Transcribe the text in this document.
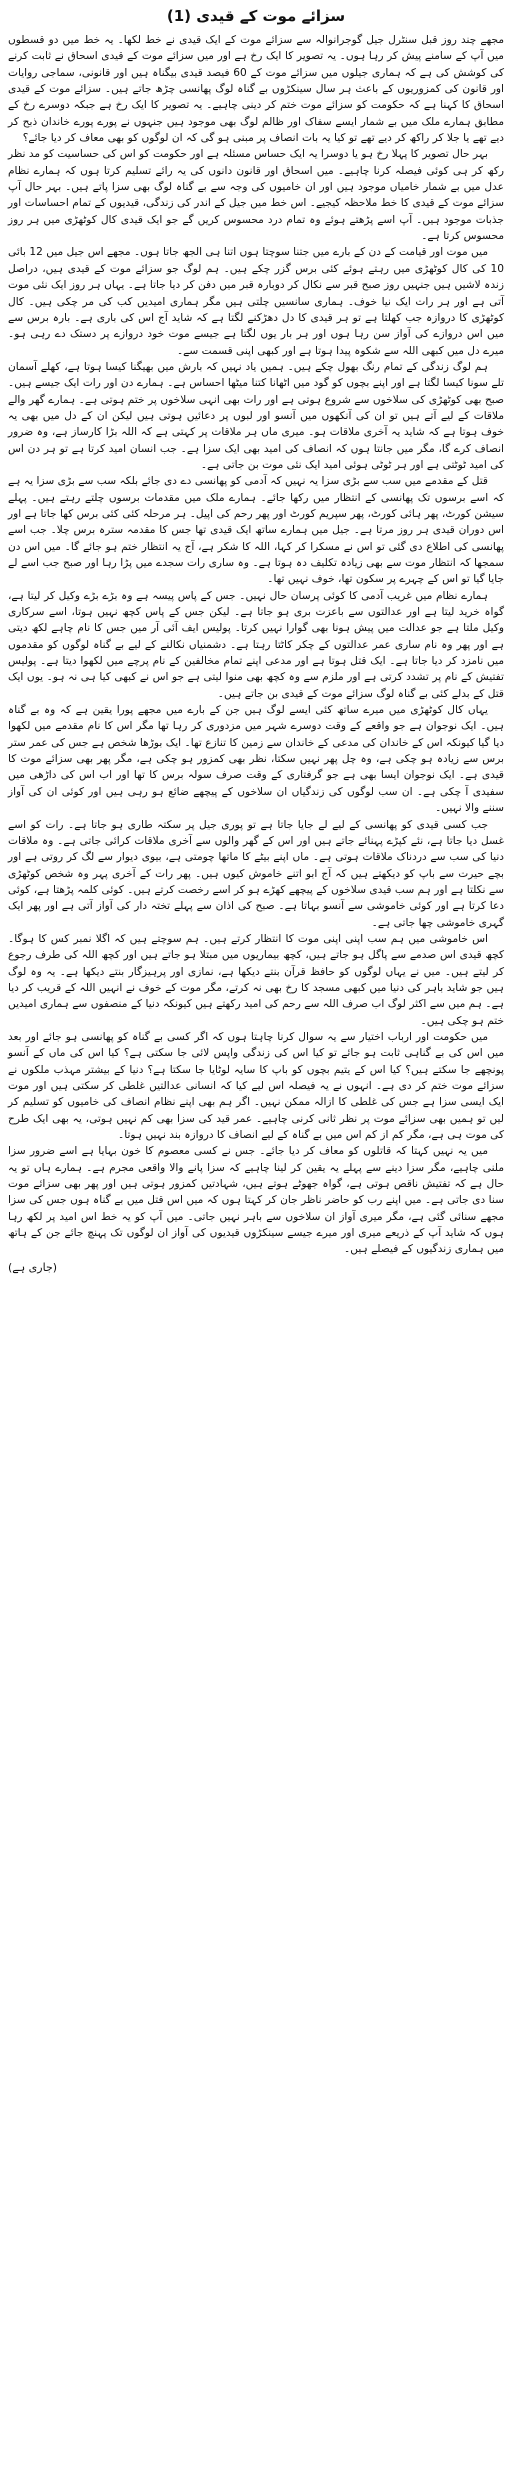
سزائے موت کے قیدی (1)

مجھے چند روز قبل سنٹرل جیل گوجرانوالہ سے سزائے موت کے ایک قیدی نے خط لکھا۔ یہ خط میں دو قسطوں میں آپ کے سامنے پیش کر رہا ہوں۔ یہ تصویر کا ایک رخ ہے اور میں سزائے موت کے قیدی اسحاق نے ثابت کرنے کی کوشش کی ہے کہ ہماری جیلوں میں سزائے موت کے 60 فیصد قیدی بیگناہ ہیں اور قانونی، سماجی روایات اور قانون کی کمزوریوں کے باعث ہر سال سینکڑوں بے گناہ لوگ پھانسی چڑھ جاتے ہیں۔ سزائے موت کے قیدی اسحاق کا کہنا ہے کہ حکومت کو سزائے موت ختم کر دینی چاہیے۔ یہ تصویر کا ایک رخ ہے جبکہ دوسرے رخ کے مطابق ہمارے ملک میں بے شمار ایسے سفاک اور ظالم لوگ بھی موجود ہیں جنہوں نے پورے پورے خاندان ذبح کر دیے تھے یا جلا کر راکھ کر دیے تھے تو کیا یہ بات انصاف پر مبنی ہو گی کہ ان لوگوں کو بھی معاف کر دیا جائے؟

بہر حال تصویر کا پہلا رخ ہو یا دوسرا یہ ایک حساس مسئلہ ہے اور حکومت کو اس کی حساسیت کو مد نظر رکھ کر ہی کوئی فیصلہ کرنا چاہیے۔ میں اسحاق اور قانون دانوں کی یہ رائے تسلیم کرتا ہوں کہ ہمارے نظام عدل میں بے شمار خامیاں موجود ہیں اور ان خامیوں کی وجہ سے بے گناہ لوگ بھی سزا پاتے ہیں۔ بہر حال آپ سزائے موت کے قیدی کا خط ملاحظہ کیجیے۔ اس خط میں جیل کے اندر کی زندگی، قیدیوں کے تمام احساسات اور جذبات موجود ہیں۔ آپ اسے پڑھتے ہوئے وہ تمام درد محسوس کریں گے جو ایک قیدی کال کوٹھڑی میں ہر روز محسوس کرتا ہے۔

میں موت اور قیامت کے دن کے بارے میں جتنا سوچتا ہوں اتنا ہی الجھ جاتا ہوں۔ مجھے اس جیل میں 12 بائی 10 کی کال کوٹھڑی میں رہتے ہوئے کئی برس گزر چکے ہیں۔ ہم لوگ جو سزائے موت کے قیدی ہیں، دراصل زندہ لاشیں ہیں جنہیں روز صبح قبر سے نکال کر دوبارہ قبر میں دفن کر دیا جاتا ہے۔ یہاں ہر روز ایک نئی موت آتی ہے اور ہر رات ایک نیا خوف۔ ہماری سانسیں چلتی ہیں مگر ہماری امیدیں کب کی مر چکی ہیں۔ کال کوٹھڑی کا دروازہ جب کھلتا ہے تو ہر قیدی کا دل دھڑکنے لگتا ہے کہ شاید آج اس کی باری ہے۔ بارہ برس سے میں اس دروازے کی آواز سن رہا ہوں اور ہر بار یوں لگتا ہے جیسے موت خود دروازے پر دستک دے رہی ہو۔ میرے دل میں کبھی اللہ سے شکوہ پیدا ہوتا ہے اور کبھی اپنی قسمت سے۔

ہم لوگ زندگی کے تمام رنگ بھول چکے ہیں۔ ہمیں یاد نہیں کہ بارش میں بھیگنا کیسا ہوتا ہے، کھلے آسمان تلے سونا کیسا لگتا ہے اور اپنے بچوں کو گود میں اٹھانا کتنا میٹھا احساس ہے۔ ہمارے دن اور رات ایک جیسے ہیں۔ صبح بھی کوٹھڑی کی سلاخوں سے شروع ہوتی ہے اور رات بھی انہی سلاخوں پر ختم ہوتی ہے۔ ہمارے گھر والے ملاقات کے لیے آتے ہیں تو ان کی آنکھوں میں آنسو اور لبوں پر دعائیں ہوتی ہیں لیکن ان کے دل میں بھی یہ خوف ہوتا ہے کہ شاید یہ آخری ملاقات ہو۔ میری ماں ہر ملاقات پر کہتی ہے کہ اللہ بڑا کارساز ہے، وہ ضرور انصاف کرے گا، مگر میں جانتا ہوں کہ انصاف کی امید بھی ایک سزا ہے۔ جب انسان امید کرتا ہے تو ہر دن اس کی امید ٹوٹتی ہے اور ہر ٹوٹی ہوئی امید ایک نئی موت بن جاتی ہے۔

قتل کے مقدمے میں سب سے بڑی سزا یہ نہیں کہ آدمی کو پھانسی دے دی جائے بلکہ سب سے بڑی سزا یہ ہے کہ اسے برسوں تک پھانسی کے انتظار میں رکھا جائے۔ ہمارے ملک میں مقدمات برسوں چلتے رہتے ہیں۔ پہلے سیشن کورٹ، پھر ہائی کورٹ، پھر سپریم کورٹ اور پھر رحم کی اپیل۔ ہر مرحلہ کئی کئی برس کھا جاتا ہے اور اس دوران قیدی ہر روز مرتا ہے۔ جیل میں ہمارے ساتھ ایک قیدی تھا جس کا مقدمہ سترہ برس چلا۔ جب اسے پھانسی کی اطلاع دی گئی تو اس نے مسکرا کر کہا، اللہ کا شکر ہے، آج یہ انتظار ختم ہو جائے گا۔ میں اس دن سمجھا کہ انتظار موت سے بھی زیادہ تکلیف دہ ہوتا ہے۔ وہ ساری رات سجدے میں پڑا رہا اور صبح جب اسے لے جایا گیا تو اس کے چہرے پر سکون تھا، خوف نہیں تھا۔

ہمارے نظام میں غریب آدمی کا کوئی پرسان حال نہیں۔ جس کے پاس پیسہ ہے وہ بڑے بڑے وکیل کر لیتا ہے، گواہ خرید لیتا ہے اور عدالتوں سے باعزت بری ہو جاتا ہے۔ لیکن جس کے پاس کچھ نہیں ہوتا، اسے سرکاری وکیل ملتا ہے جو عدالت میں پیش ہونا بھی گوارا نہیں کرتا۔ پولیس ایف آئی آر میں جس کا نام چاہے لکھ دیتی ہے اور پھر وہ نام ساری عمر عدالتوں کے چکر کاٹتا رہتا ہے۔ دشمنیاں نکالنے کے لیے بے گناہ لوگوں کو مقدموں میں نامزد کر دیا جاتا ہے۔ ایک قتل ہوتا ہے اور مدعی اپنے تمام مخالفین کے نام پرچے میں لکھوا دیتا ہے۔ پولیس تفتیش کے نام پر تشدد کرتی ہے اور ملزم سے وہ کچھ بھی منوا لیتی ہے جو اس نے کبھی کیا ہی نہ ہو۔ یوں ایک قتل کے بدلے کئی بے گناہ لوگ سزائے موت کے قیدی بن جاتے ہیں۔

یہاں کال کوٹھڑی میں میرے ساتھ کئی ایسے لوگ ہیں جن کے بارے میں مجھے پورا یقین ہے کہ وہ بے گناہ ہیں۔ ایک نوجوان ہے جو واقعے کے وقت دوسرے شہر میں مزدوری کر رہا تھا مگر اس کا نام مقدمے میں لکھوا دیا گیا کیونکہ اس کے خاندان کی مدعی کے خاندان سے زمین کا تنازع تھا۔ ایک بوڑھا شخص ہے جس کی عمر ستر برس سے زیادہ ہو چکی ہے، وہ چل پھر نہیں سکتا، نظر بھی کمزور ہو چکی ہے، مگر پھر بھی سزائے موت کا قیدی ہے۔ ایک نوجوان ایسا بھی ہے جو گرفتاری کے وقت صرف سولہ برس کا تھا اور اب اس کی داڑھی میں سفیدی آ چکی ہے۔ ان سب لوگوں کی زندگیاں ان سلاخوں کے پیچھے ضائع ہو رہی ہیں اور کوئی ان کی آواز سننے والا نہیں۔

جب کسی قیدی کو پھانسی کے لیے لے جایا جاتا ہے تو پوری جیل پر سکتہ طاری ہو جاتا ہے۔ رات کو اسے غسل دیا جاتا ہے، نئے کپڑے پہنائے جاتے ہیں اور اس کے گھر والوں سے آخری ملاقات کرائی جاتی ہے۔ وہ ملاقات دنیا کی سب سے دردناک ملاقات ہوتی ہے۔ ماں اپنے بیٹے کا ماتھا چومتی ہے، بیوی دیوار سے لگ کر روتی ہے اور بچے حیرت سے باپ کو دیکھتے ہیں کہ آج ابو اتنے خاموش کیوں ہیں۔ پھر رات کے آخری پہر وہ شخص کوٹھڑی سے نکلتا ہے اور ہم سب قیدی سلاخوں کے پیچھے کھڑے ہو کر اسے رخصت کرتے ہیں۔ کوئی کلمہ پڑھتا ہے، کوئی دعا کرتا ہے اور کوئی خاموشی سے آنسو بہاتا ہے۔ صبح کی اذان سے پہلے تختہ دار کی آواز آتی ہے اور پھر ایک گہری خاموشی چھا جاتی ہے۔

اس خاموشی میں ہم سب اپنی اپنی موت کا انتظار کرتے ہیں۔ ہم سوچتے ہیں کہ اگلا نمبر کس کا ہوگا۔ کچھ قیدی اس صدمے سے پاگل ہو جاتے ہیں، کچھ بیماریوں میں مبتلا ہو جاتے ہیں اور کچھ اللہ کی طرف رجوع کر لیتے ہیں۔ میں نے یہاں لوگوں کو حافظ قرآن بنتے دیکھا ہے، نمازی اور پرہیزگار بنتے دیکھا ہے۔ یہ وہ لوگ ہیں جو شاید باہر کی دنیا میں کبھی مسجد کا رخ بھی نہ کرتے، مگر موت کے خوف نے انہیں اللہ کے قریب کر دیا ہے۔ ہم میں سے اکثر لوگ اب صرف اللہ سے رحم کی امید رکھتے ہیں کیونکہ دنیا کے منصفوں سے ہماری امیدیں ختم ہو چکی ہیں۔

میں حکومت اور ارباب اختیار سے یہ سوال کرنا چاہتا ہوں کہ اگر کسی بے گناہ کو پھانسی ہو جائے اور بعد میں اس کی بے گناہی ثابت ہو جائے تو کیا اس کی زندگی واپس لائی جا سکتی ہے؟ کیا اس کی ماں کے آنسو پونچھے جا سکتے ہیں؟ کیا اس کے یتیم بچوں کو باپ کا سایہ لوٹایا جا سکتا ہے؟ دنیا کے بیشتر مہذب ملکوں نے سزائے موت ختم کر دی ہے۔ انہوں نے یہ فیصلہ اس لیے کیا کہ انسانی عدالتیں غلطی کر سکتی ہیں اور موت ایک ایسی سزا ہے جس کی غلطی کا ازالہ ممکن نہیں۔ اگر ہم بھی اپنے نظام انصاف کی خامیوں کو تسلیم کر لیں تو ہمیں بھی سزائے موت پر نظر ثانی کرنی چاہیے۔ عمر قید کی سزا بھی کم نہیں ہوتی، یہ بھی ایک طرح کی موت ہی ہے، مگر کم از کم اس میں بے گناہ کے لیے انصاف کا دروازہ بند نہیں ہوتا۔

میں یہ نہیں کہتا کہ قاتلوں کو معاف کر دیا جائے۔ جس نے کسی معصوم کا خون بہایا ہے اسے ضرور سزا ملنی چاہیے، مگر سزا دینے سے پہلے یہ یقین کر لینا چاہیے کہ سزا پانے والا واقعی مجرم ہے۔ ہمارے ہاں تو یہ حال ہے کہ تفتیش ناقص ہوتی ہے، گواہ جھوٹے ہوتے ہیں، شہادتیں کمزور ہوتی ہیں اور پھر بھی سزائے موت سنا دی جاتی ہے۔ میں اپنے رب کو حاضر ناظر جان کر کہتا ہوں کہ میں اس قتل میں بے گناہ ہوں جس کی سزا مجھے سنائی گئی ہے، مگر میری آواز ان سلاخوں سے باہر نہیں جاتی۔ میں آپ کو یہ خط اس امید پر لکھ رہا ہوں کہ شاید آپ کے ذریعے میری اور میرے جیسے سینکڑوں قیدیوں کی آواز ان لوگوں تک پہنچ جائے جن کے ہاتھ میں ہماری زندگیوں کے فیصلے ہیں۔

(جاری ہے)
